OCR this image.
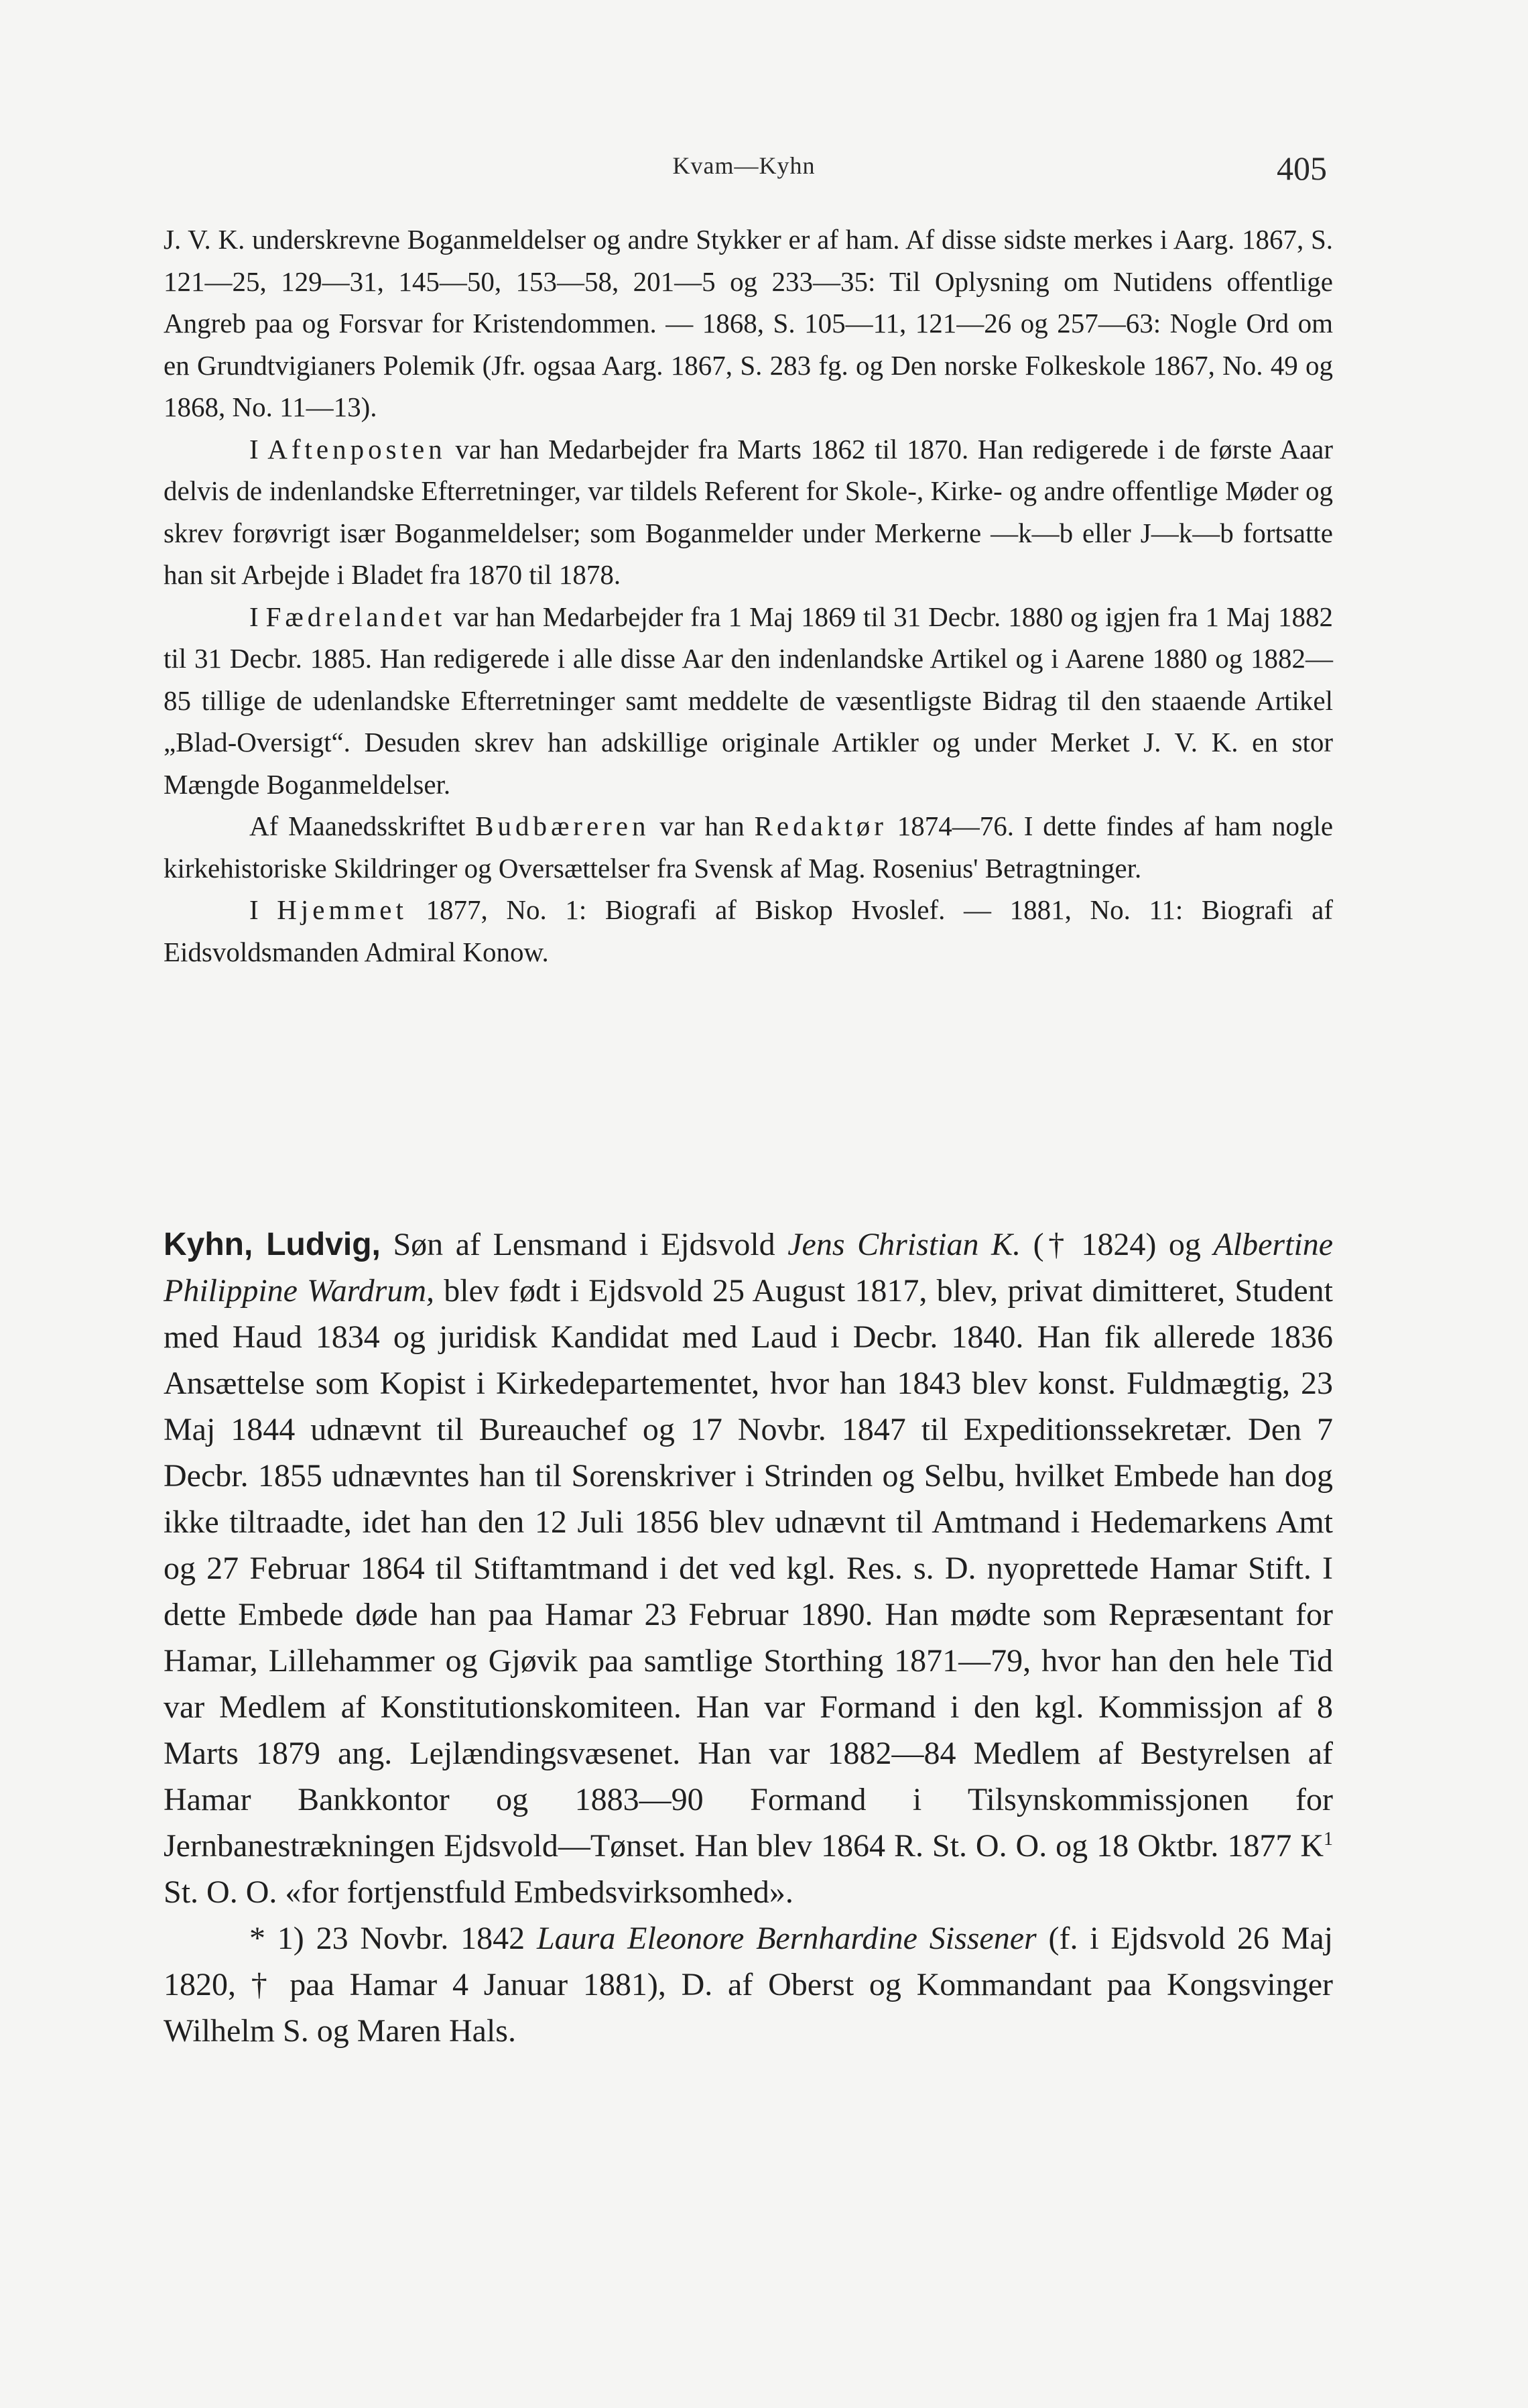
Kvam—Kyhn	405

J. V. K. underskrevne Boganmeldelser og andre Stykker er af ham. Af disse sidste merkes i Aarg. 1867, S. 121—25, 129—31, 145—50, 153—58, 201—5 og 233—35: Til Oplysning om Nutidens offentlige Angreb paa og Forsvar for Kristendommen. — 1868, S. 105—11, 121—26 og 257—63: Nogle Ord om en Grundtvigianers Polemik (Jfr. ogsaa Aarg. 1867, S. 283 fg. og Den norske Folkeskole 1867, No. 49 og 1868, No. 11—13).

I Aftenposten var han Medarbejder fra Marts 1862 til 1870. Han redigerede i de første Aaar delvis de indenlandske Efterretninger, var tildels Referent for Skole-, Kirke- og andre offentlige Møder og skrev forøvrigt især Boganmeldelser; som Boganmelder under Merkerne —k—b eller J—k—b fortsatte han sit Arbejde i Bladet fra 1870 til 1878.

I Fædrelandet var han Medarbejder fra 1 Maj 1869 til 31 Decbr. 1880 og igjen fra 1 Maj 1882 til 31 Decbr. 1885. Han redigerede i alle disse Aar den indenlandske Artikel og i Aarene 1880 og 1882—85 tillige de udenlandske Efterretninger samt meddelte de væsentligste Bidrag til den staaende Artikel „Blad-Oversigt“. Desuden skrev han adskillige originale Artikler og under Merket J. V. K. en stor Mængde Boganmeldelser.

Af Maanedsskriftet Budbæreren var han Redaktør 1874—76. I dette findes af ham nogle kirkehistoriske Skildringer og Oversættelser fra Svensk af Mag. Rosenius' Betragtninger.

I Hjemmet 1877, No. 1: Biografi af Biskop Hvoslef. — 1881, No. 11: Biografi af Eidsvoldsmanden Admiral Konow.

Kyhn, Ludvig, Søn af Lensmand i Ejdsvold Jens Christian K. († 1824) og Albertine Philippine Wardrum, blev født i Ejdsvold 25 August 1817, blev, privat dimitteret, Student med Haud 1834 og juridisk Kandidat med Laud i Decbr. 1840. Han fik allerede 1836 Ansættelse som Kopist i Kirkedepartementet, hvor han 1843 blev konst. Fuldmægtig, 23 Maj 1844 udnævnt til Bureauchef og 17 Novbr. 1847 til Expeditionssekretær. Den 7 Decbr. 1855 udnævntes han til Sorenskriver i Strinden og Selbu, hvilket Embede han dog ikke tiltraadte, idet han den 12 Juli 1856 blev udnævnt til Amtmand i Hedemarkens Amt og 27 Februar 1864 til Stiftamtmand i det ved kgl. Res. s. D. nyoprettede Hamar Stift. I dette Embede døde han paa Hamar 23 Februar 1890. Han mødte som Repræsentant for Hamar, Lillehammer og Gjøvik paa samtlige Storthing 1871—79, hvor han den hele Tid var Medlem af Konstitutionskomiteen. Han var Formand i den kgl. Kommissjon af 8 Marts 1879 ang. Lejlændingsvæsenet. Han var 1882—84 Medlem af Bestyrelsen af Hamar Bankkontor og 1883—90 Formand i Tilsynskommissjonen for Jernbanestrækningen Ejdsvold—Tønset. Han blev 1864 R. St. O. O. og 18 Oktbr. 1877 $K^1$ St. O. O. «for fortjenstfuld Embedsvirksomhed».

* 1) 23 Novbr. 1842 Laura Eleonore Bernhardine Sissener (f. i Ejdsvold 26 Maj 1820, † paa Hamar 4 Januar 1881), D. af Oberst og Kommandant paa Kongsvinger Wilhelm S. og Maren Hals.
